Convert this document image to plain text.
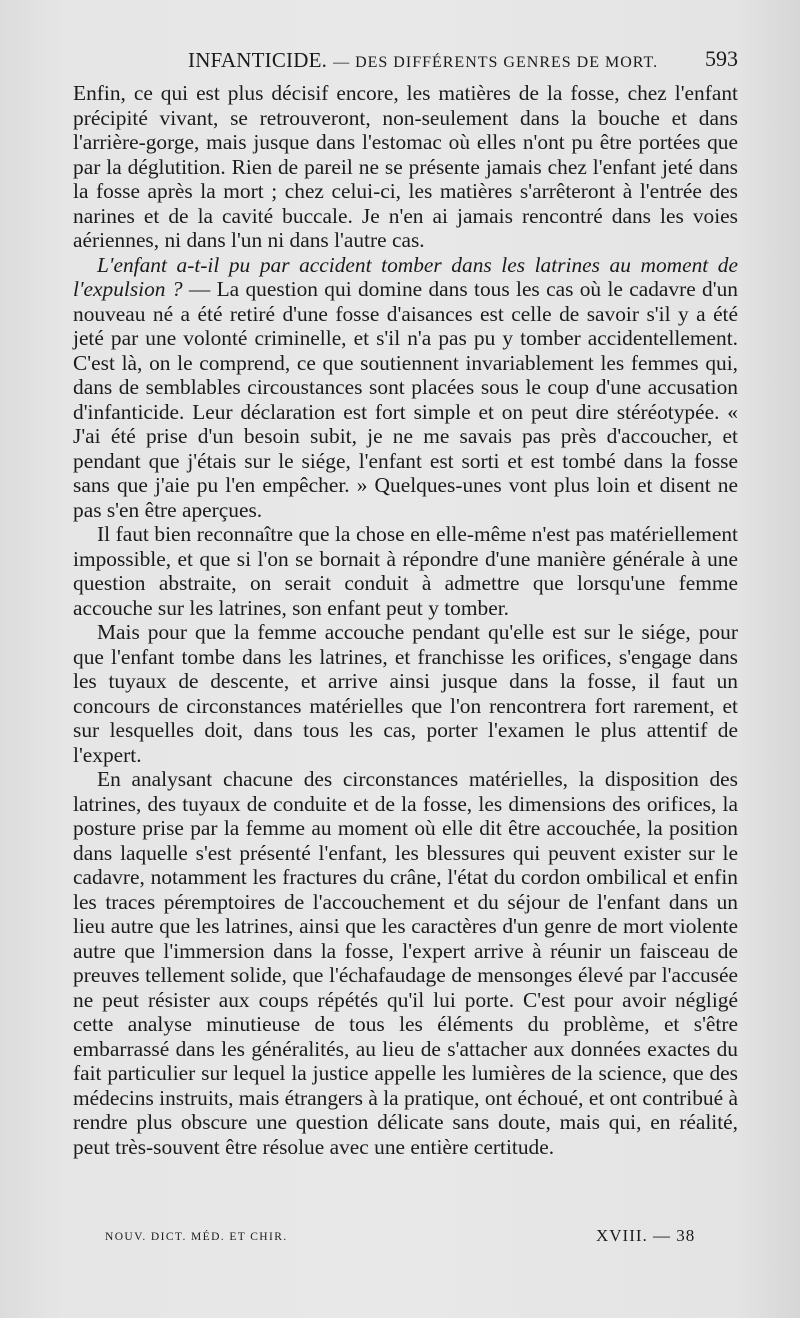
INFANTICIDE. — DES DIFFÉRENTS GENRES DE MORT. 593

Enfin, ce qui est plus décisif encore, les matières de la fosse, chez l'enfant précipité vivant, se retrouveront, non-seulement dans la bouche et dans l'arrière-gorge, mais jusque dans l'estomac où elles n'ont pu être portées que par la déglutition. Rien de pareil ne se présente jamais chez l'enfant jeté dans la fosse après la mort ; chez celui-ci, les matières s'arrêteront à l'entrée des narines et de la cavité buccale. Je n'en ai jamais rencontré dans les voies aériennes, ni dans l'un ni dans l'autre cas.

L'enfant a-t-il pu par accident tomber dans les latrines au moment de l'expulsion ? — La question qui domine dans tous les cas où le cadavre d'un nouveau né a été retiré d'une fosse d'aisances est celle de savoir s'il y a été jeté par une volonté criminelle, et s'il n'a pas pu y tomber accidentellement. C'est là, on le comprend, ce que soutiennent invariablement les femmes qui, dans de semblables circoustances sont placées sous le coup d'une accusation d'infanticide. Leur déclaration est fort simple et on peut dire stéréotypée. « J'ai été prise d'un besoin subit, je ne me savais pas près d'accoucher, et pendant que j'étais sur le siége, l'enfant est sorti et est tombé dans la fosse sans que j'aie pu l'en empêcher. » Quelques-unes vont plus loin et disent ne pas s'en être aperçues.

Il faut bien reconnaître que la chose en elle-même n'est pas matériellement impossible, et que si l'on se bornait à répondre d'une manière générale à une question abstraite, on serait conduit à admettre que lorsqu'une femme accouche sur les latrines, son enfant peut y tomber.

Mais pour que la femme accouche pendant qu'elle est sur le siége, pour que l'enfant tombe dans les latrines, et franchisse les orifices, s'engage dans les tuyaux de descente, et arrive ainsi jusque dans la fosse, il faut un concours de circonstances matérielles que l'on rencontrera fort rarement, et sur lesquelles doit, dans tous les cas, porter l'examen le plus attentif de l'expert.

En analysant chacune des circonstances matérielles, la disposition des latrines, des tuyaux de conduite et de la fosse, les dimensions des orifices, la posture prise par la femme au moment où elle dit être accouchée, la position dans laquelle s'est présenté l'enfant, les blessures qui peuvent exister sur le cadavre, notamment les fractures du crâne, l'état du cordon ombilical et enfin les traces péremptoires de l'accouchement et du séjour de l'enfant dans un lieu autre que les latrines, ainsi que les caractères d'un genre de mort violente autre que l'immersion dans la fosse, l'expert arrive à réunir un faisceau de preuves tellement solide, que l'échafaudage de mensonges élevé par l'accusée ne peut résister aux coups répétés qu'il lui porte. C'est pour avoir négligé cette analyse minutieuse de tous les éléments du problème, et s'être embarrassé dans les généralités, au lieu de s'attacher aux données exactes du fait particulier sur lequel la justice appelle les lumières de la science, que des médecins instruits, mais étrangers à la pratique, ont échoué, et ont contribué à rendre plus obscure une question délicate sans doute, mais qui, en réalité, peut très-souvent être résolue avec une entière certitude.

NOUV. DICT. MÉD. ET CHIR.	XVIII. — 38
